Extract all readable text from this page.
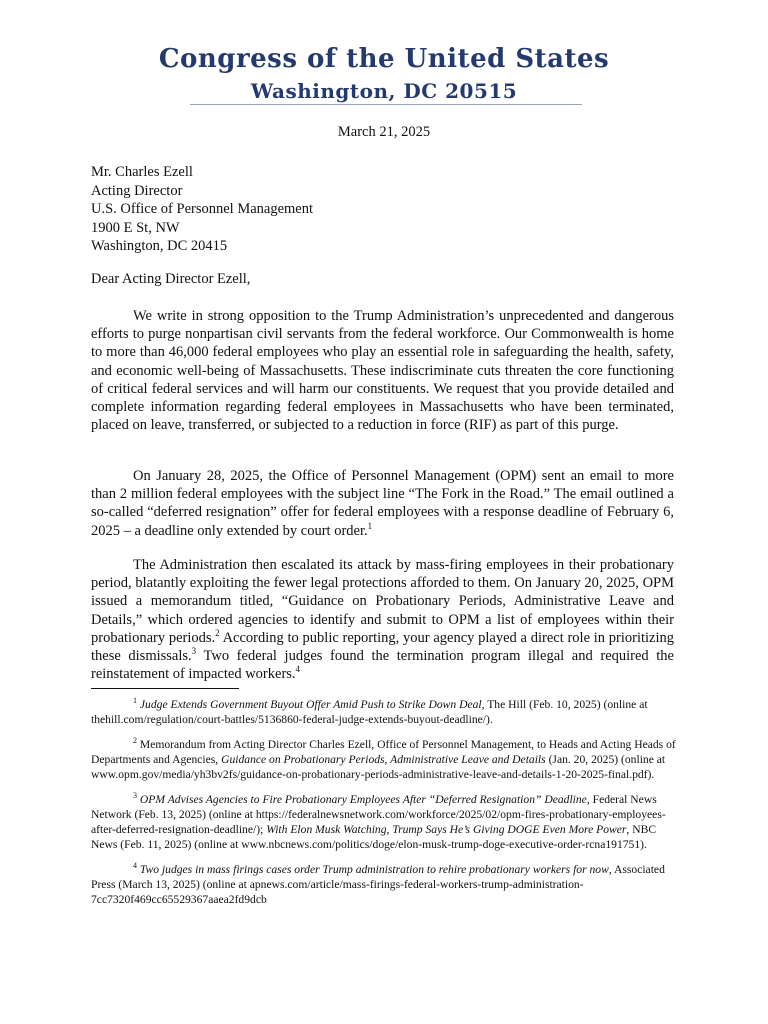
Congress of the United States
Washington, DC 20515
March 21, 2025
Mr. Charles Ezell
Acting Director
U.S. Office of Personnel Management
1900 E St, NW
Washington, DC 20415
Dear Acting Director Ezell,

We write in strong opposition to the Trump Administration’s unprecedented and dangerous efforts to purge nonpartisan civil servants from the federal workforce. Our Commonwealth is home to more than 46,000 federal employees who play an essential role in safeguarding the health, safety, and economic well-being of Massachusetts. These indiscriminate cuts threaten the core functioning of critical federal services and will harm our constituents. We request that you provide detailed and complete information regarding federal employees in Massachusetts who have been terminated, placed on leave, transferred, or subjected to a reduction in force (RIF) as part of this purge.

On January 28, 2025, the Office of Personnel Management (OPM) sent an email to more than 2 million federal employees with the subject line “The Fork in the Road.” The email outlined a so-called “deferred resignation” offer for federal employees with a response deadline of February 6, 2025 – a deadline only extended by court order.$^1$

The Administration then escalated its attack by mass-firing employees in their probationary period, blatantly exploiting the fewer legal protections afforded to them. On January 20, 2025, OPM issued a memorandum titled, “Guidance on Probationary Periods, Administrative Leave and Details,” which ordered agencies to identify and submit to OPM a list of employees within their probationary periods.$^2$ According to public reporting, your agency played a direct role in prioritizing these dismissals.$^3$ Two federal judges found the termination program illegal and required the reinstatement of impacted workers.$^4$

$^1$ Judge Extends Government Buyout Offer Amid Push to Strike Down Deal, The Hill (Feb. 10, 2025) (online at thehill.com/regulation/court-battles/5136860-federal-judge-extends-buyout-deadline/).

$^2$ Memorandum from Acting Director Charles Ezell, Office of Personnel Management, to Heads and Acting Heads of Departments and Agencies, Guidance on Probationary Periods, Administrative Leave and Details (Jan. 20, 2025) (online at www.opm.gov/media/yh3bv2fs/guidance-on-probationary-periods-administrative-leave-and-details-1-20-2025-final.pdf).

$^3$ OPM Advises Agencies to Fire Probationary Employees After “Deferred Resignation” Deadline, Federal News Network (Feb. 13, 2025) (online at https://federalnewsnetwork.com/workforce/2025/02/opm-fires-probationary-employees-after-deferred-resignation-deadline/); With Elon Musk Watching, Trump Says He’s Giving DOGE Even More Power, NBC News (Feb. 11, 2025) (online at www.nbcnews.com/politics/doge/elon-musk-trump-doge-executive-order-rcna191751).

$^4$ Two judges in mass firings cases order Trump administration to rehire probationary workers for now, Associated Press (March 13, 2025) (online at apnews.com/article/mass-firings-federal-workers-trump-administration-7cc7320f469cc65529367aaea2fd9dcb
